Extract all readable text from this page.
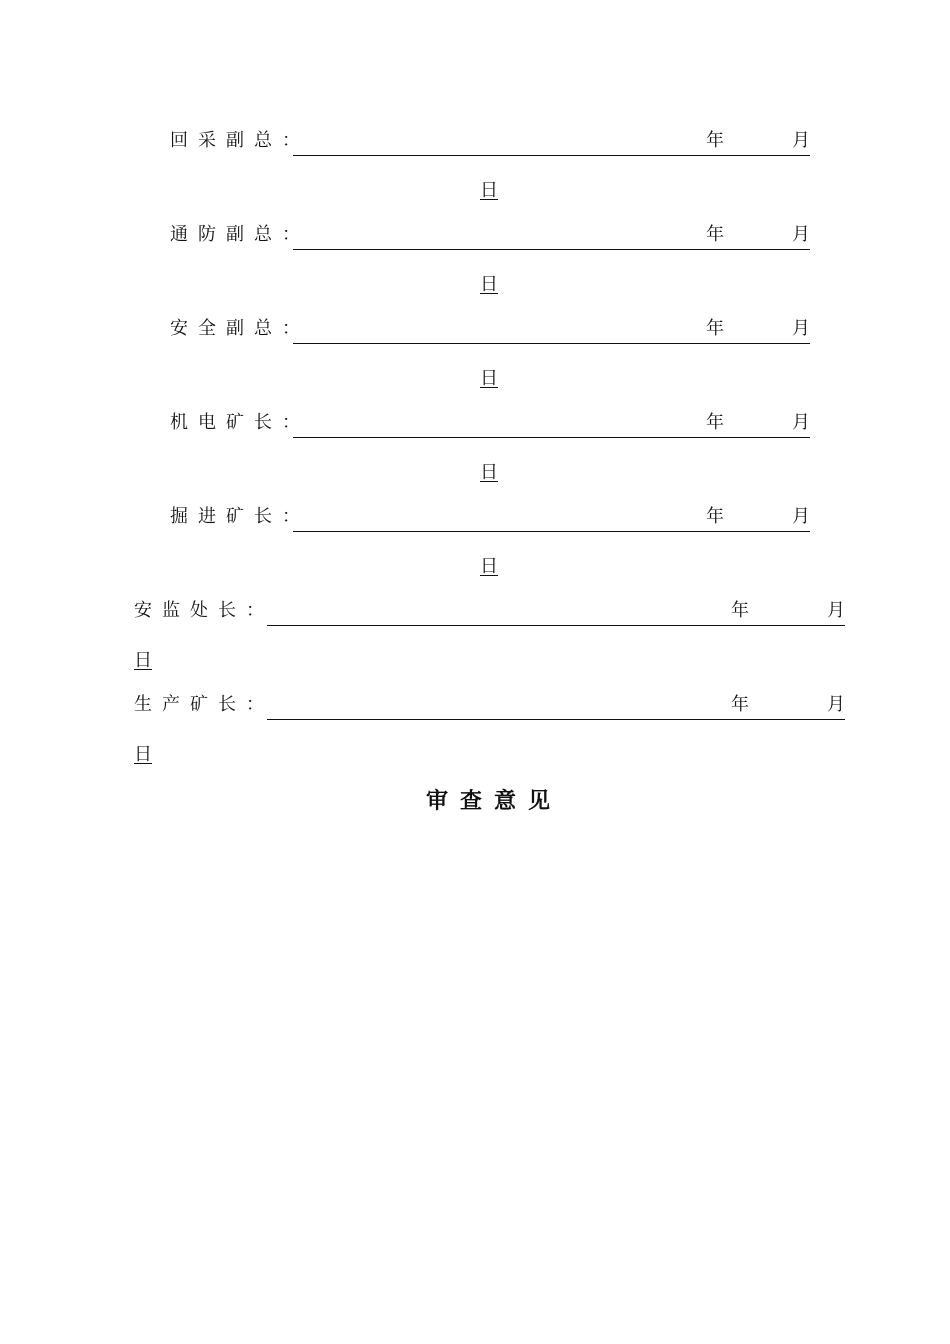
回采副总：	年	月
日
通防副总：	年	月
日
安全副总：	年	月
日
机电矿长：	年	月
日
掘进矿长：	年	月
日
安监处长：	年	月
日
生产矿长：	年	月
日
审查意见
